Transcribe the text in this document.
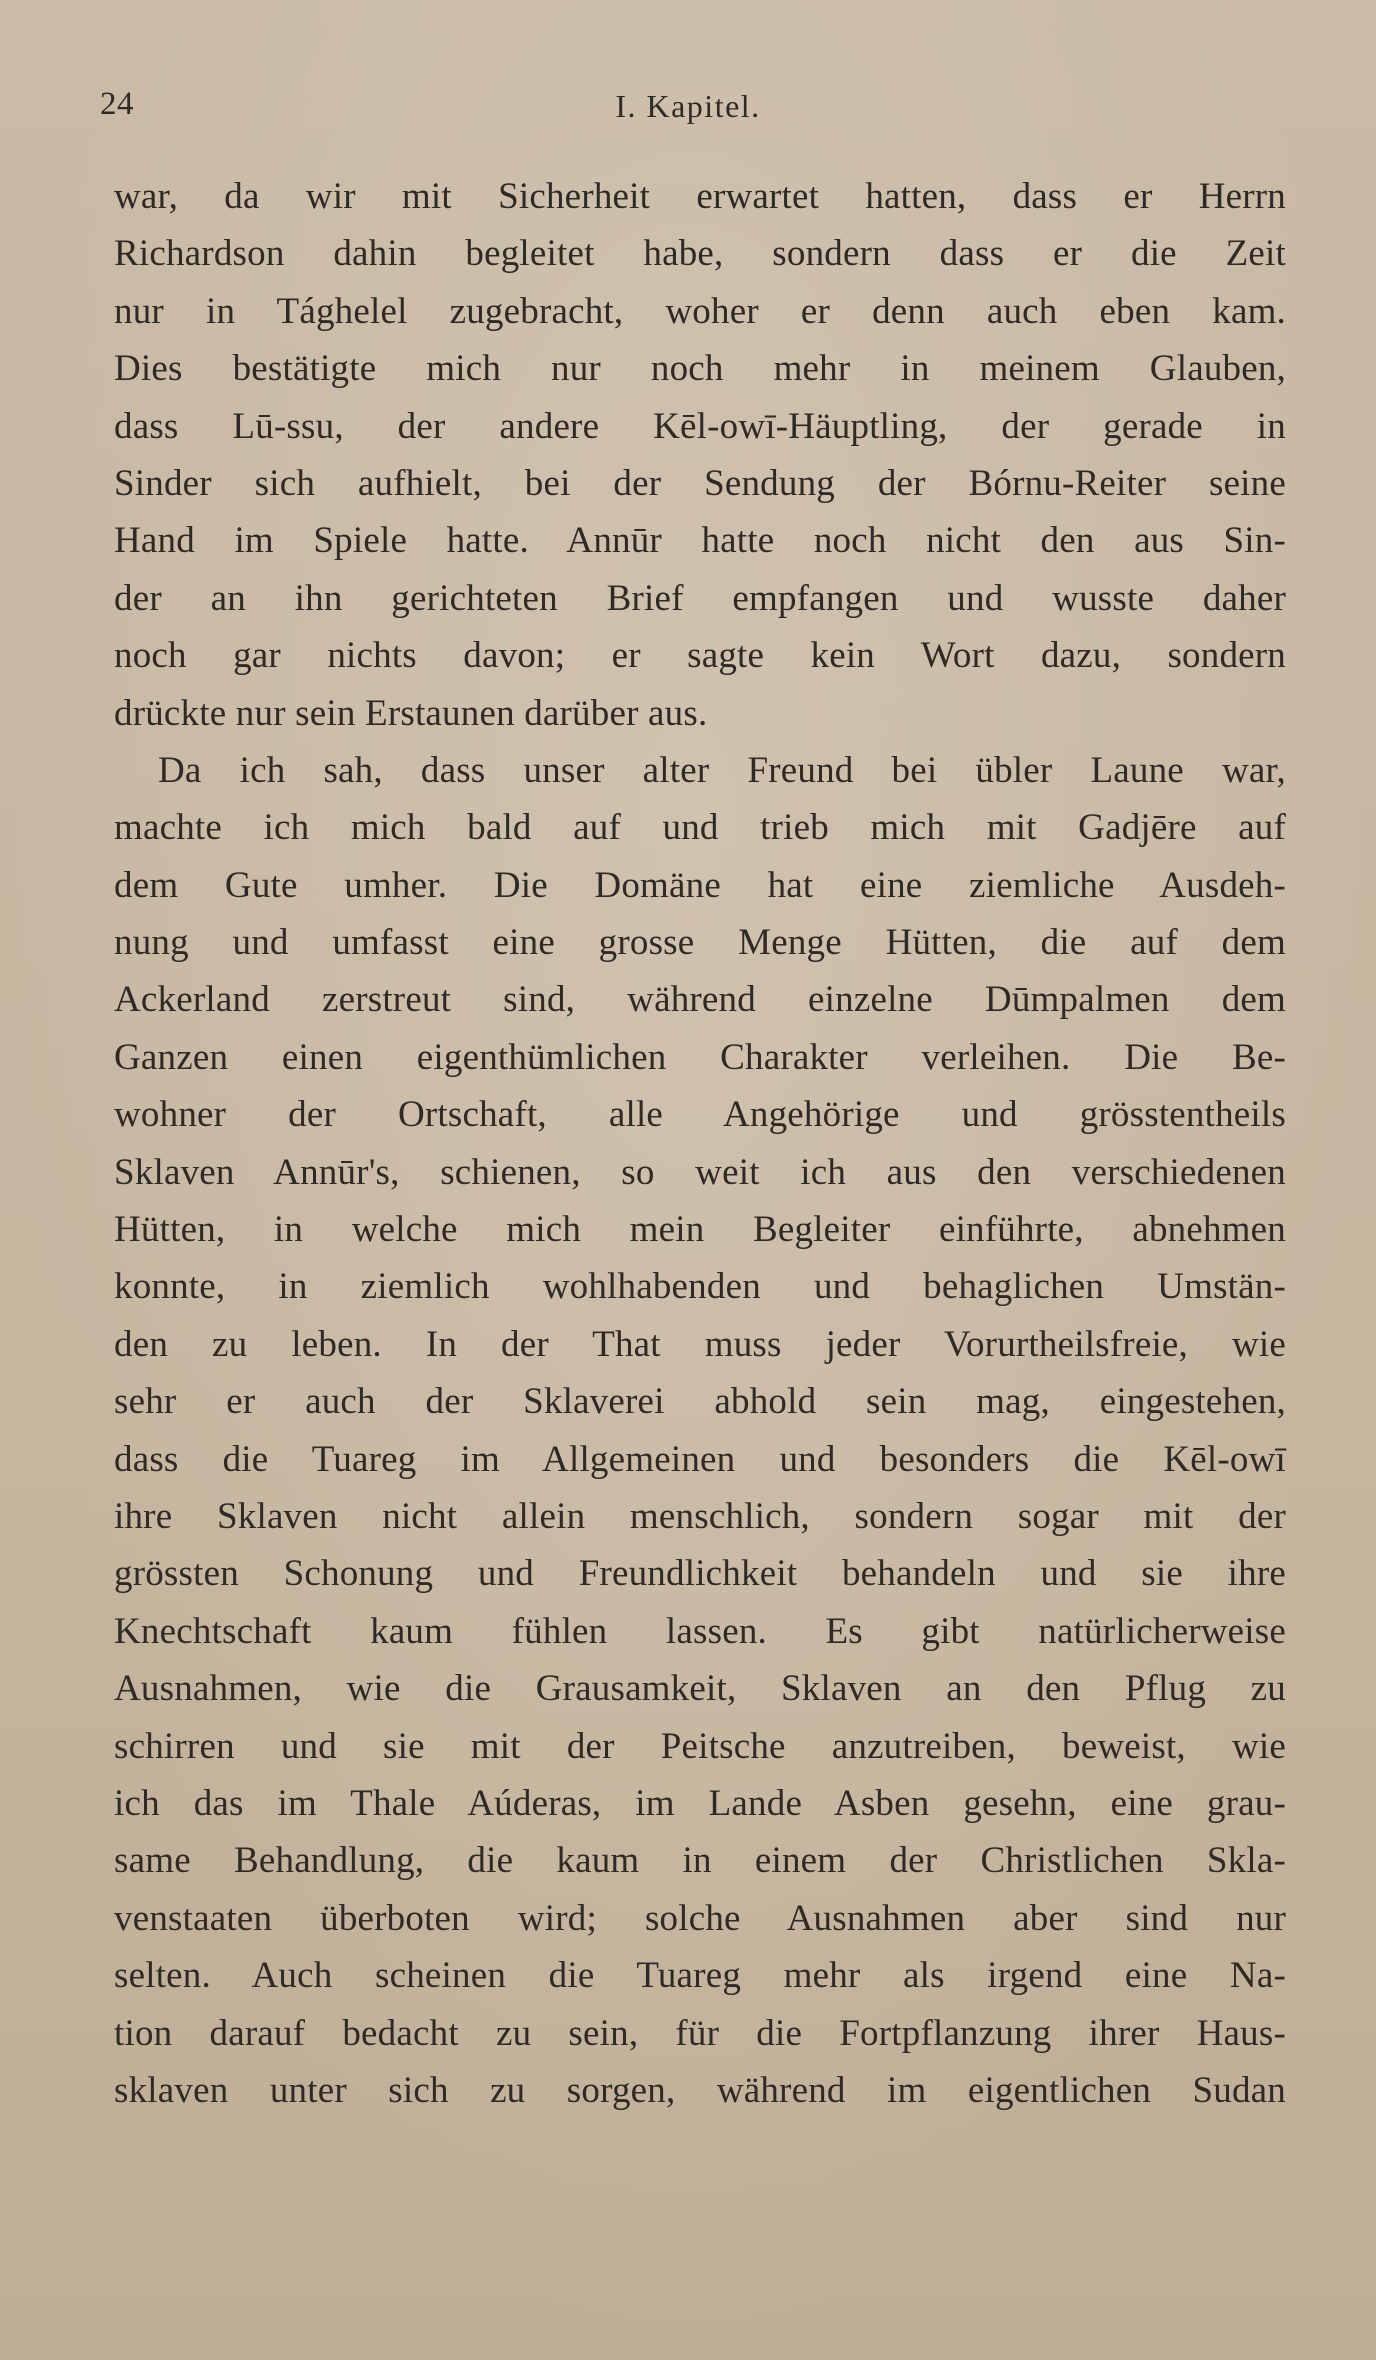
24	I. Kapitel.
war, da wir mit Sicherheit erwartet hatten, dass er Herrn
Richardson dahin begleitet habe, sondern dass er die Zeit
nur in Tághelel zugebracht, woher er denn auch eben kam.
Dies bestätigte mich nur noch mehr in meinem Glauben,
dass Lū-ssu, der andere Kēl-owī-Häuptling, der gerade in
Sinder sich aufhielt, bei der Sendung der Bórnu-Reiter seine
Hand im Spiele hatte. Annūr hatte noch nicht den aus Sin-
der an ihn gerichteten Brief empfangen und wusste daher
noch gar nichts davon; er sagte kein Wort dazu, sondern
drückte nur sein Erstaunen darüber aus.
Da ich sah, dass unser alter Freund bei übler Laune war,
machte ich mich bald auf und trieb mich mit Gadjēre auf
dem Gute umher. Die Domäne hat eine ziemliche Ausdeh-
nung und umfasst eine grosse Menge Hütten, die auf dem
Ackerland zerstreut sind, während einzelne Dūmpalmen dem
Ganzen einen eigenthümlichen Charakter verleihen. Die Be-
wohner der Ortschaft, alle Angehörige und grösstentheils
Sklaven Annūr's, schienen, so weit ich aus den verschiedenen
Hütten, in welche mich mein Begleiter einführte, abnehmen
konnte, in ziemlich wohlhabenden und behaglichen Umstän-
den zu leben. In der That muss jeder Vorurtheilsfreie, wie
sehr er auch der Sklaverei abhold sein mag, eingestehen,
dass die Tuareg im Allgemeinen und besonders die Kēl-owī
ihre Sklaven nicht allein menschlich, sondern sogar mit der
grössten Schonung und Freundlichkeit behandeln und sie ihre
Knechtschaft kaum fühlen lassen. Es gibt natürlicherweise
Ausnahmen, wie die Grausamkeit, Sklaven an den Pflug zu
schirren und sie mit der Peitsche anzutreiben, beweist, wie
ich das im Thale Aúderas, im Lande Asben gesehn, eine grau-
same Behandlung, die kaum in einem der Christlichen Skla-
venstaaten überboten wird; solche Ausnahmen aber sind nur
selten. Auch scheinen die Tuareg mehr als irgend eine Na-
tion darauf bedacht zu sein, für die Fortpflanzung ihrer Haus-
sklaven unter sich zu sorgen, während im eigentlichen Sudan
